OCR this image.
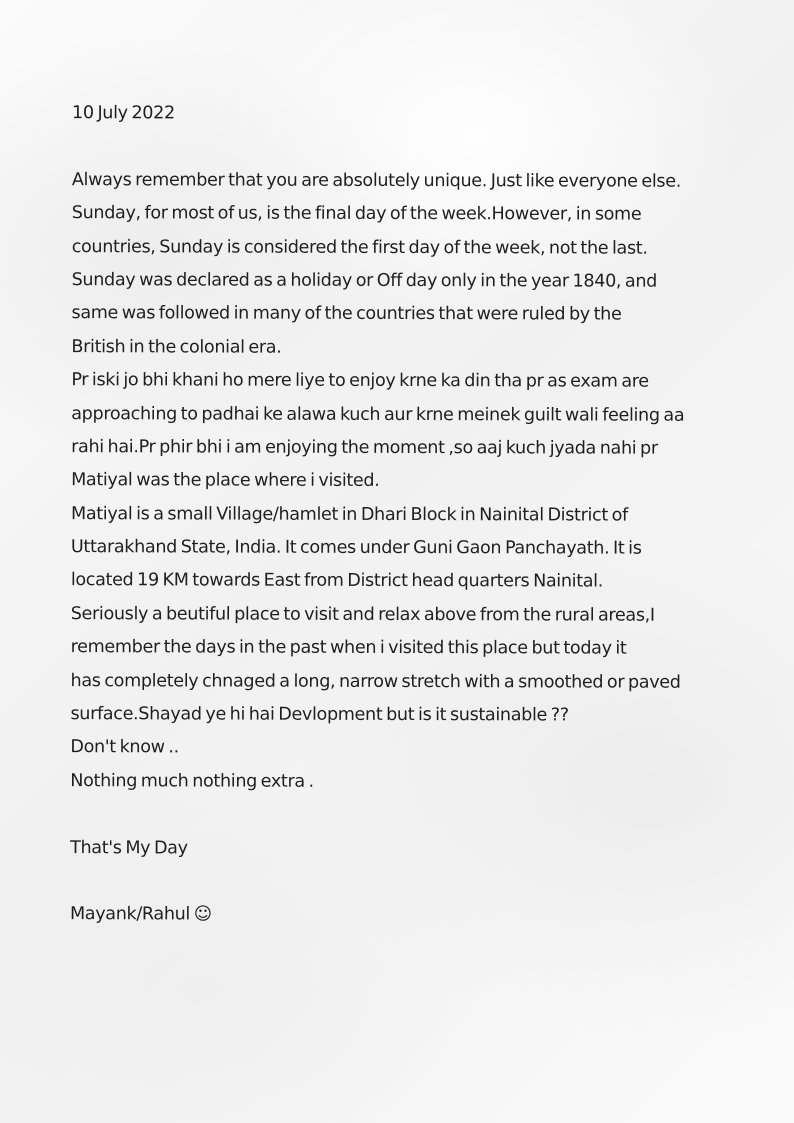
10 July 2022

Always remember that you are absolutely unique. Just like everyone else.
Sunday, for most of us, is the final day of the week.However, in some
countries, Sunday is considered the first day of the week, not the last.
Sunday was declared as a holiday or Off day only in the year 1840, and
same was followed in many of the countries that were ruled by the
British in the colonial era.

Pr iski jo bhi khani ho mere liye to enjoy krne ka din tha pr as exam are
approaching to padhai ke alawa kuch aur krne meinek guilt wali feeling aa
rahi hai.Pr phir bhi i am enjoying the moment ,so aaj kuch jyada nahi pr
Matiyal was the place where i visited.

Matiyal is a small Village/hamlet in Dhari Block in Nainital District of
Uttarakhand State, India. It comes under Guni Gaon Panchayath. It is
located 19 KM towards East from District head quarters Nainital.
Seriously a beutiful place to visit and relax above from the rural areas,I
remember the days in the past when i visited this place but today it
has completely chnaged a long, narrow stretch with a smoothed or paved
surface.Shayad ye hi hai Devlopment but is it sustainable ??

Don't know ..

Nothing much nothing extra .

That's My Day

Mayank/Rahul ☺
